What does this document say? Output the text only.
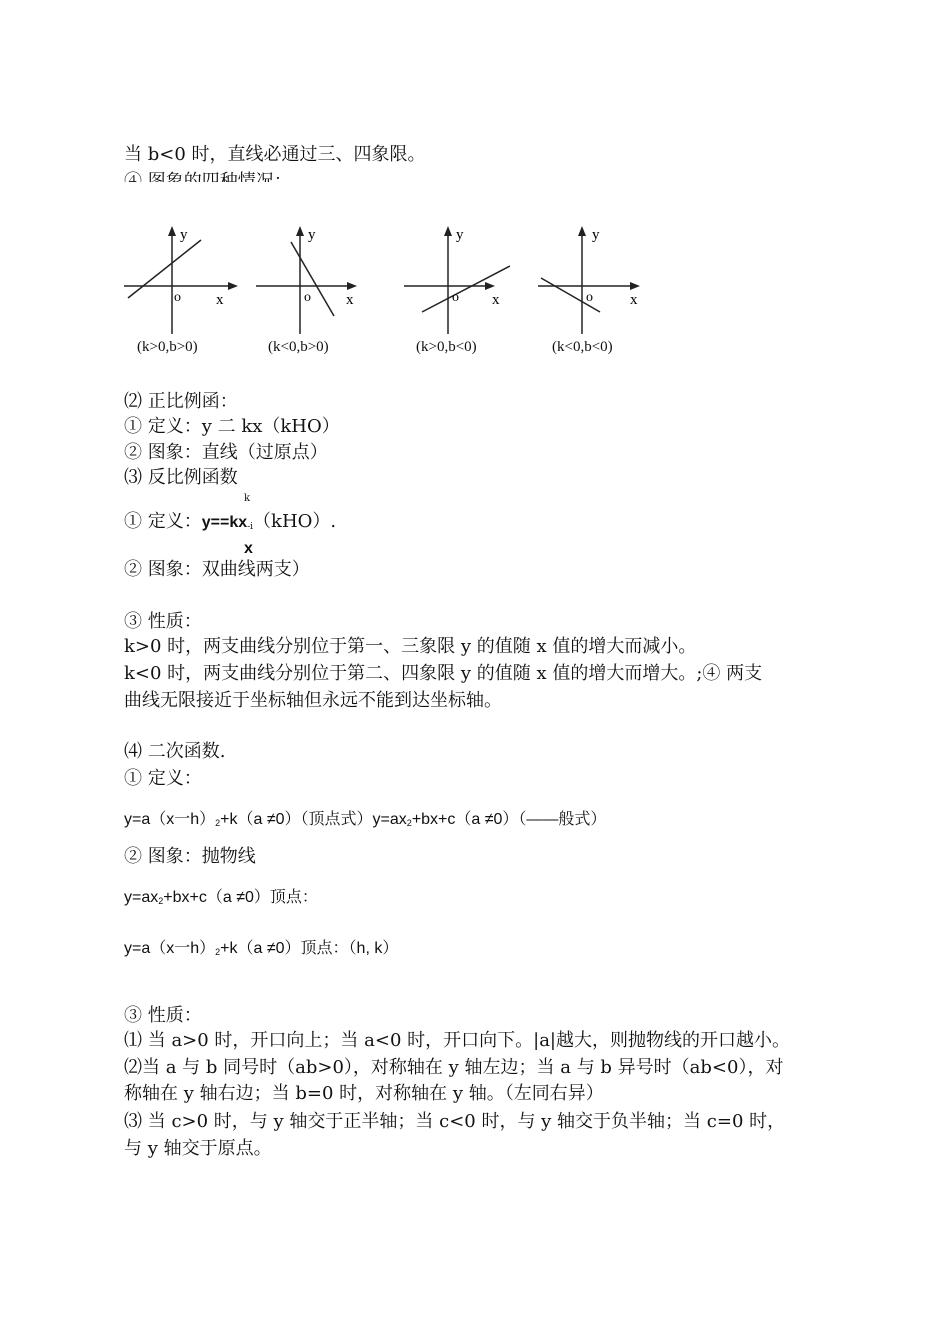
当 b<0 时，直线必通过三、四象限。
y
x
o
(k>0,b>0)
y
x
o
(k<0,b>0)
y
x
o
(k>0,b<0)
y
x
o
(k<0,b<0)
⑵ 正比例函：
① 定义：y 二 kx（kHO）
② 图象：直线（过原点）
⑶ 反比例函数
k
① 定义：$y==kx_{-i}(kHO)$.
x
② 图象：双曲线两支）
③ 性质：
k>0 时，两支曲线分别位于第一、三象限 y 的值随 x 值的增大而减小。
k<0 时，两支曲线分别位于第二、四象限 y 的值随 x 值的增大而增大。;④ 两支
曲线无限接近于坐标轴但永远不能到达坐标轴。
⑷ 二次函数.
① 定义：
y=a（x一$h)_2+k(a \ne 0)$（顶点式）$y=ax_2+bx+c(a$ ≠0）（——般式）
② 图象：抛物线
$y=ax_2+bx+c(a \ne 0)$顶点：
y=a（x一$h)_2+k(a \ne 0)$顶点：（h, k）
③ 性质：
⑴ 当 a>0 时，开口向上；当 a<0 时，开口向下。|a|越大，则抛物线的开口越小。
⑵当 a 与 b 同号时（ab>0），对称轴在 y 轴左边；当 a 与 b 异号时（ab<0），对
称轴在 y 轴右边；当 b=0 时，对称轴在 y 轴。（左同右异）
⑶ 当 c>0 时，与 y 轴交于正半轴；当 c<0 时，与 y 轴交于负半轴；当 c=0 时，
与 y 轴交于原点。
